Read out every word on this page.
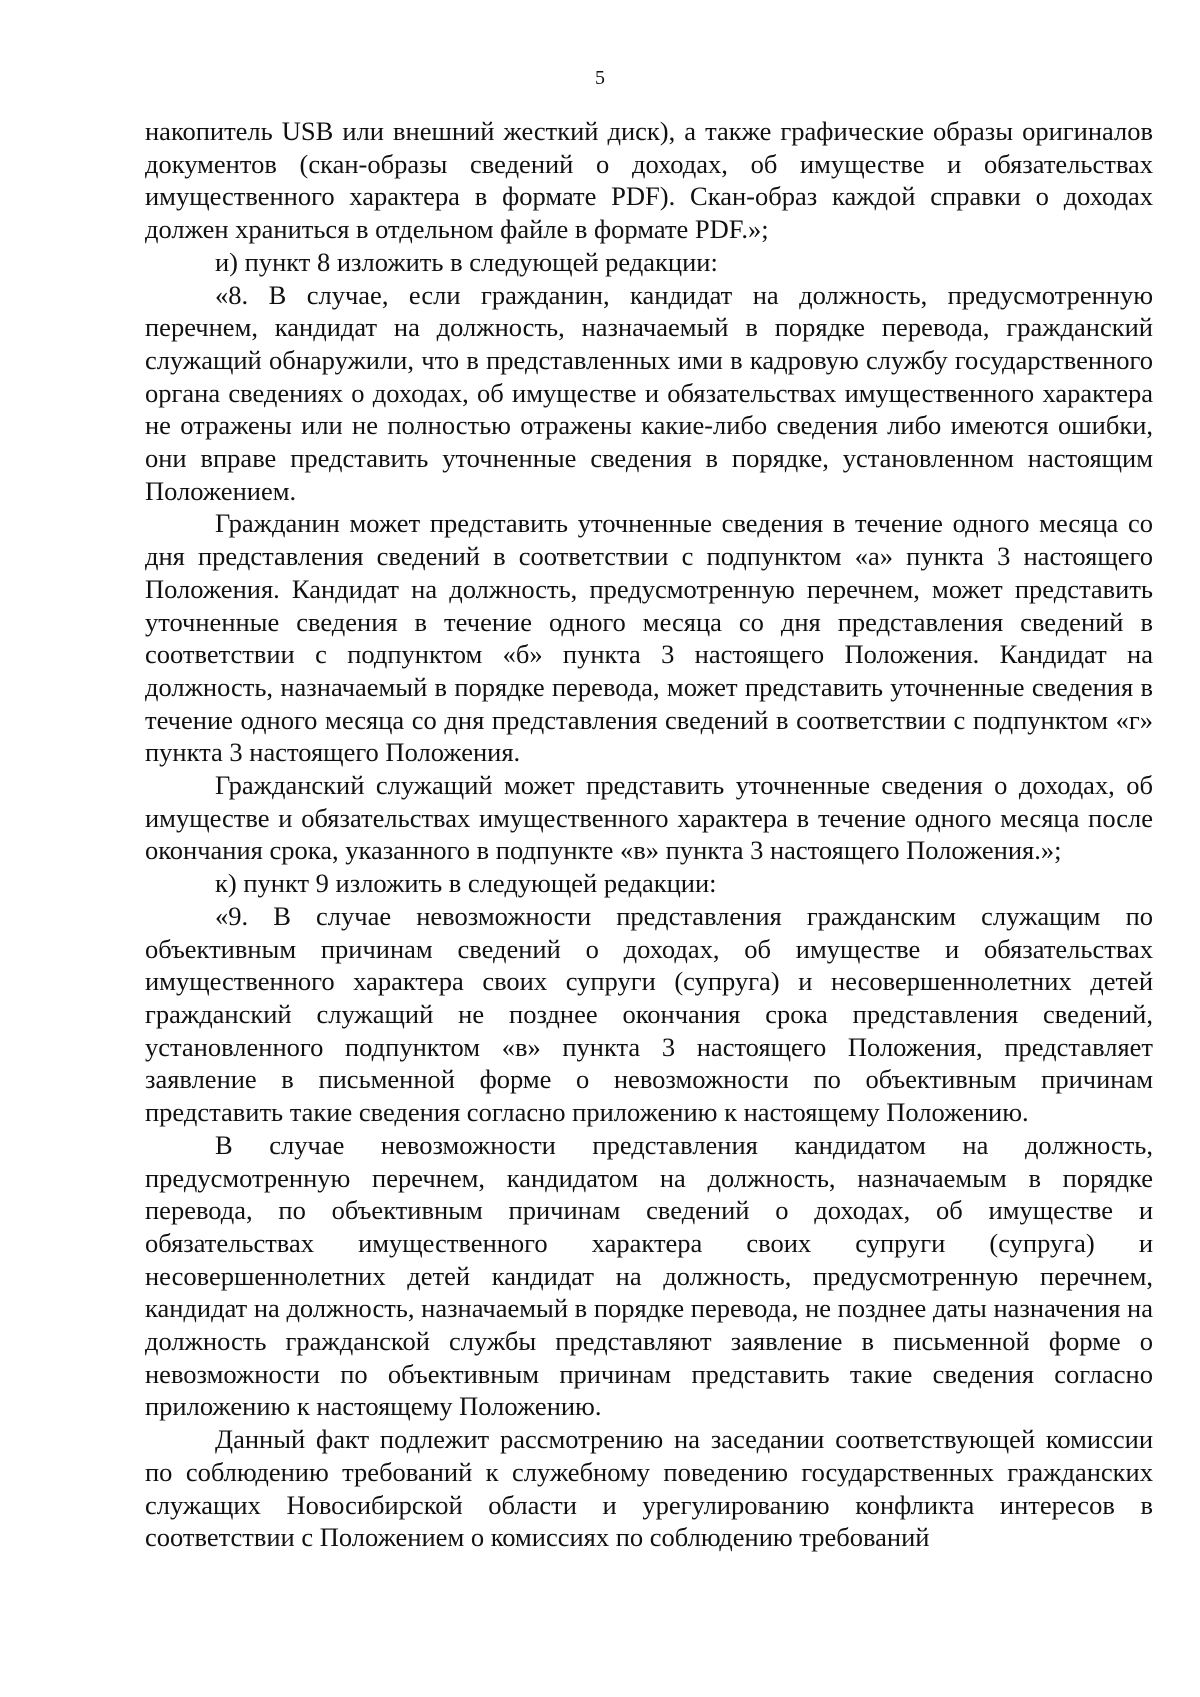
5

накопитель USB или внешний жесткий диск), а также графические образы оригиналов документов (скан-образы сведений о доходах, об имуществе и обязательствах имущественного характера в формате PDF). Скан-образ каждой справки о доходах должен храниться в отдельном файле в формате PDF.»;

и) пункт 8 изложить в следующей редакции:

«8. В случае, если гражданин, кандидат на должность, предусмотренную перечнем, кандидат на должность, назначаемый в порядке перевода, гражданский служащий обнаружили, что в представленных ими в кадровую службу государственного органа сведениях о доходах, об имуществе и обязательствах имущественного характера не отражены или не полностью отражены какие-либо сведения либо имеются ошибки, они вправе представить уточненные сведения в порядке, установленном настоящим Положением.

Гражданин может представить уточненные сведения в течение одного месяца со дня представления сведений в соответствии с подпунктом «а» пункта 3 настоящего Положения. Кандидат на должность, предусмотренную перечнем, может представить уточненные сведения в течение одного месяца со дня представления сведений в соответствии с подпунктом «б» пункта 3 настоящего Положения. Кандидат на должность, назначаемый в порядке перевода, может представить уточненные сведения в течение одного месяца со дня представления сведений в соответствии с подпунктом «г» пункта 3 настоящего Положения.

Гражданский служащий может представить уточненные сведения о доходах, об имуществе и обязательствах имущественного характера в течение одного месяца после окончания срока, указанного в подпункте «в» пункта 3 настоящего Положения.»;

к) пункт 9 изложить в следующей редакции:

«9. В случае невозможности представления гражданским служащим по объективным причинам сведений о доходах, об имуществе и обязательствах имущественного характера своих супруги (супруга) и несовершеннолетних детей гражданский служащий не позднее окончания срока представления сведений, установленного подпунктом «в» пункта 3 настоящего Положения, представляет заявление в письменной форме о невозможности по объективным причинам представить такие сведения согласно приложению к настоящему Положению.

В случае невозможности представления кандидатом на должность, предусмотренную перечнем, кандидатом на должность, назначаемым в порядке перевода, по объективным причинам сведений о доходах, об имуществе и обязательствах имущественного характера своих супруги (супруга) и несовершеннолетних детей кандидат на должность, предусмотренную перечнем, кандидат на должность, назначаемый в порядке перевода, не позднее даты назначения на должность гражданской службы представляют заявление в письменной форме о невозможности по объективным причинам представить такие сведения согласно приложению к настоящему Положению.

Данный факт подлежит рассмотрению на заседании соответствующей комиссии по соблюдению требований к служебному поведению государственных гражданских служащих Новосибирской области и урегулированию конфликта интересов в соответствии с Положением о комиссиях по соблюдению требований
